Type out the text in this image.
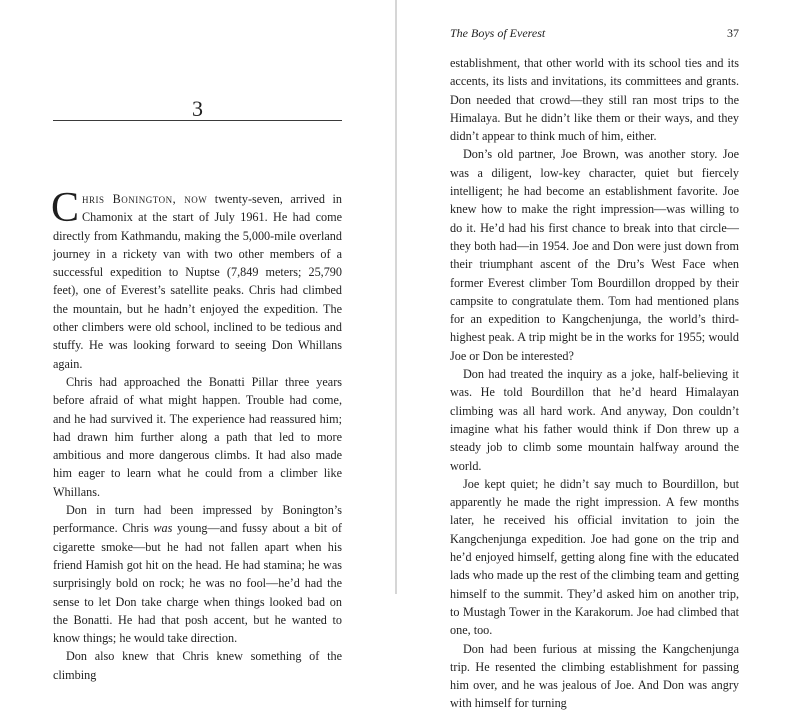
3

Chris Bonington, now twenty-seven, arrived in Chamonix at the start of July 1961. He had come directly from Kathmandu, making the 5,000-mile overland journey in a rickety van with two other members of a successful expedition to Nuptse (7,849 meters; 25,790 feet), one of Everest’s satellite peaks. Chris had climbed the mountain, but he hadn’t enjoyed the expedition. The other climbers were old school, inclined to be tedious and stuffy. He was looking forward to seeing Don Whillans again.

Chris had approached the Bonatti Pillar three years before afraid of what might happen. Trouble had come, and he had survived it. The experience had reassured him; had drawn him further along a path that led to more ambitious and more dangerous climbs. It had also made him eager to learn what he could from a climber like Whillans.

Don in turn had been impressed by Bonington’s performance. Chris was young—and fussy about a bit of cigarette smoke—but he had not fallen apart when his friend Hamish got hit on the head. He had stamina; he was surprisingly bold on rock; he was no fool—he’d had the sense to let Don take charge when things looked bad on the Bonatti. He had that posh accent, but he wanted to know things; he would take direction.

Don also knew that Chris knew something of the climbing

The Boys of Everest	37

establishment, that other world with its school ties and its accents, its lists and invitations, its committees and grants. Don needed that crowd—they still ran most trips to the Himalaya. But he didn’t like them or their ways, and they didn’t appear to think much of him, either.

Don’s old partner, Joe Brown, was another story. Joe was a diligent, low-key character, quiet but fiercely intelligent; he had become an establishment favorite. Joe knew how to make the right impression—was willing to do it. He’d had his first chance to break into that circle—they both had—in 1954. Joe and Don were just down from their triumphant ascent of the Dru’s West Face when former Everest climber Tom Bourdillon dropped by their campsite to congratulate them. Tom had mentioned plans for an expedition to Kangchenjunga, the world’s third-highest peak. A trip might be in the works for 1955; would Joe or Don be interested?

Don had treated the inquiry as a joke, half-believing it was. He told Bourdillon that he’d heard Himalayan climbing was all hard work. And anyway, Don couldn’t imagine what his father would think if Don threw up a steady job to climb some mountain halfway around the world.

Joe kept quiet; he didn’t say much to Bourdillon, but apparently he made the right impression. A few months later, he received his official invitation to join the Kangchenjunga expedition. Joe had gone on the trip and he’d enjoyed himself, getting along fine with the educated lads who made up the rest of the climbing team and getting himself to the summit. They’d asked him on another trip, to Mustagh Tower in the Karakorum. Joe had climbed that one, too.

Don had been furious at missing the Kangchenjunga trip. He resented the climbing establishment for passing him over, and he was jealous of Joe. And Don was angry with himself for turning
